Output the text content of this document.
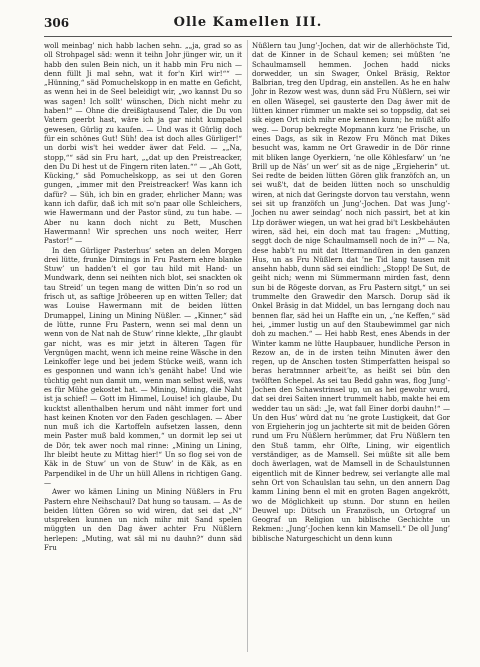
306	Olle Kamellen III.

woll meinbag’ nich habb lachen sehn. „„ja, grad so as oll Strohpagel säd: wenn it teihn Johr jünger wir, un it habb den sulen Bein nich, un it habb min Fru nich — denn füllt Ji mal sehn, wat it for'n Kirl wir!““ — „Hünning,“ säd Pomuchelskopp in en matte en Geficht, as wenn hei in de Seel beleidigt wir, „wo kannst Du so was sagen! Ich sollt' wünschen, Dich nicht mehr zu haben!“ — Ohne die dreißigtausend Taler, die Du von Vatern geerbt hast, wäre ich ja gar nicht kumpabel gewesen, Gürlig zu kaufen. — Und was it Gürlig doch für ein schönes Gut! Süh! dea ist doch alles Gürliger!“ un dorbi wis't hei wedder äwer dat Feld. — „„Na, stopp,““ säd sin Fru hart, „„dat up den Preistreacker, den Du Di hest ut de Fingern riten laten.““ — „Ah Gott, Kücking,“ säd Pomuchelskopp, as sei ut den Goren gungen, „immer mit den Preistreacker! Was kann ich dafür? — Süh, ich bin en grader, ehrlicher Mann; was kann ich dafür, daß ich mit so'n paar olle Schleichers, wie Hawermann und der Pastor sünd, zu tun habe. — Aber nu kann doch nicht zu Bett, Muschen Hawermann! Wir sprechen uns noch weiter, Herr Pastor!“ —

In den Gürliger Pasterhus’ seten an delen Morgen drei lütte, frunke Dirnings in Fru Pastern ehre blanke Stuw’ un hadden’t el gor tau hild mit Hand- un Mundwark, denn sei neihten nich blot, sei snackten ok tau Streid’ un tegen mang de witten Din’n so rod un frisch ut, as saftige Jröbeeren up en witten Teller; dat was Louise Hawermann mit de beiden lütten Drumappel, Lining un Mining Nüßler. — „Kinner,“ säd de lütte, runne Fru Pastern, wenn sei mal denn un wenn von de Nat nah de Stuw’ rinne klekte, „Ihr glaubt gar nicht, was es mir jetzt in älteren Tagen für Vergnügen macht, wenn ich meine reine Wäsche in den Leinkoffer lege und bei jedem Stücke weiß, wann ich es gesponnen und wann ich's genäht habe! Und wie tüchtig geht nun damit um, wenn man selbst weiß, was es für Mühe gekostet hat. — Mining, Mining, die Naht ist ja schief! — Gott im Himmel, Louise! ich glaube, Du kucktst allenthalben herum und näht immer fort und hast keinen Knoten vor den Faden geschlagen. — Aber nun muß ich die Kartoffeln aufsetzen lassen, denn mein Paster muß bald kommen,“ un dormit lep sei ut de Dör, tek awer noch mal rinne: „Mining un Lining, Ihr bleibt heute zu Mittag hier!“ Un so flog sei von de Käk in de Stuw’ un von de Stuw’ in de Käk, as en Parpendikel in de Uhr un hüll Allens in richtigen Gang. —

Awer wo kämen Lining un Mining Nüßlers in Fru Pastern ehre Neihschaul? Dat hung so tausam. — As de beiden lütten Gören so wid wiren, dat sei dat „N“ utspreken kunnen un nich mihr mit Sand spelen müggten un den Dag äwer achter Fru Nüßlern herlepen: „Muting, wat säl mi nu dauhn?“ dunn säd Fru

Nüßlern tau Jung’-Jochen, dat wir de allerhöchste Tid, dat de Kinner in de Schaul kemen; sei müßten ’ne Schaulmamsell hemmen. Jochen hadd nicks dorwedder, un sin Swager, Onkel Bräsig, Rektor Balbrian, treg den Updrag, ein anstellen. As he en halw Johr in Rezow west was, dunn säd Fru Nüßlern, sei wir en ollen Wäsegel, sei gausterte den Dag äwer mit de lütten kinner rümmer un makte sei so toppsdig, dat sei sik eigen Ort nich mihr ene kennen kunn; he müßt alfo weg. — Dorup bekregte Mopmann kurz ’ne Frische, un eines Dags, as sik in Rezow Fru Mönch mat Dikes besucht was, kamm ne Ort Grawedir in de Dör rinne mit bliken lange Oyerkiern, ’ne olle Köhlesfarw’ un ’ne Brill up de Näs’ un wer’ sit as de nige „Ergieherin“ ut. Sei redte de beiden lütten Gören glik franzöfch an, un sei wuß't, dat de beiden lütten noch so unschuldig wiren, at nich dat Geringste dorvon tau verstahn, wenn sei sit up franzöfch un Jung’-Jochen. Dat was Jung’-Jochen nu awer seindag’ noch nich passirt, bet at kin Ltp doräwer wiegen, un wat hei grad bi't Leskbehäuten wiren, säd hei, ein doch mat tau fragen: „Mutting, seggt doch de nige Schaulmamsell noch de in?“ — Na, dese habb’t nu mit dat Ittermandüren in den ganzen Hus, un as Fru Nüßlern dat ’ne Tid lang tausen mit ansehn habb, dunn säd sei eindlich: „Stopp! De Sut, de geiht nich; wenn mi Sümmermann mirden fast, denn sun bi de Rögeste dorvan, as Fru Pastern sitgt,“ un sei trummelte den Grawedir den Marsch. Dorup säd ik Onkel Bräsig in dat Middel, un bas Ierngang doch nau bennen flar, säd hei un Haffte ein un, „’ne Keffen,“ säd hei, „immer lustig un auf den Staubewimmel gar nich doh zu machen.“ — Hei habb Rest, enes Abends in der Winter kamm ne lütte Haupbauer, hundliche Person in Rezow an, de in de irsten teihn Minuten äwer den regen, up de Anschen tosten Stimperfatten heispal so beras heratmnner arbeit’te, as heißt sei bün den twölften Schepel. As sei tau Bedd gahn was, flog Jung’-Jochen den Schawstrinsel up, un as hei gewohr wurd, dat sei drei Saiten innert trummelt habb, makte hei em wedder tau un säd: „Je, wat fall Einer dorbi dauhn!“ — Un den Hus’ würd dat nu ’ne grote Lustigkeit, dat Gor von Ergieherin jog un jachterte sit mit de beiden Gören rund um Fru Nüßlern herümmer, dat Fru Nüßlern ten den Stuß tamm, ehr Olfte, Lining, wir eigentlich verständiger, as de Mamsell. Sei müßte sit alle bem doch äwerlagen, wat de Mamsell in de Schaulstunnen eigentlich mit de Kinner bedrew, sei verlangte alle mal sehn Ort von Schaulslan tau sehn, un den annern Dag kamm Lining benn el mit en groten Bagen angekrött, wo de Möglichkeit up stunn. Dor stunn en heilen Deuwel up: Dütsch un Französch, un Ortograf un Geograf un Religion un biblische Gechichte un Rekmen: „Jung’-Jochen kenn kin Mamsell.“ De oll Jung’ biblische Naturgeschicht un denn kunn
